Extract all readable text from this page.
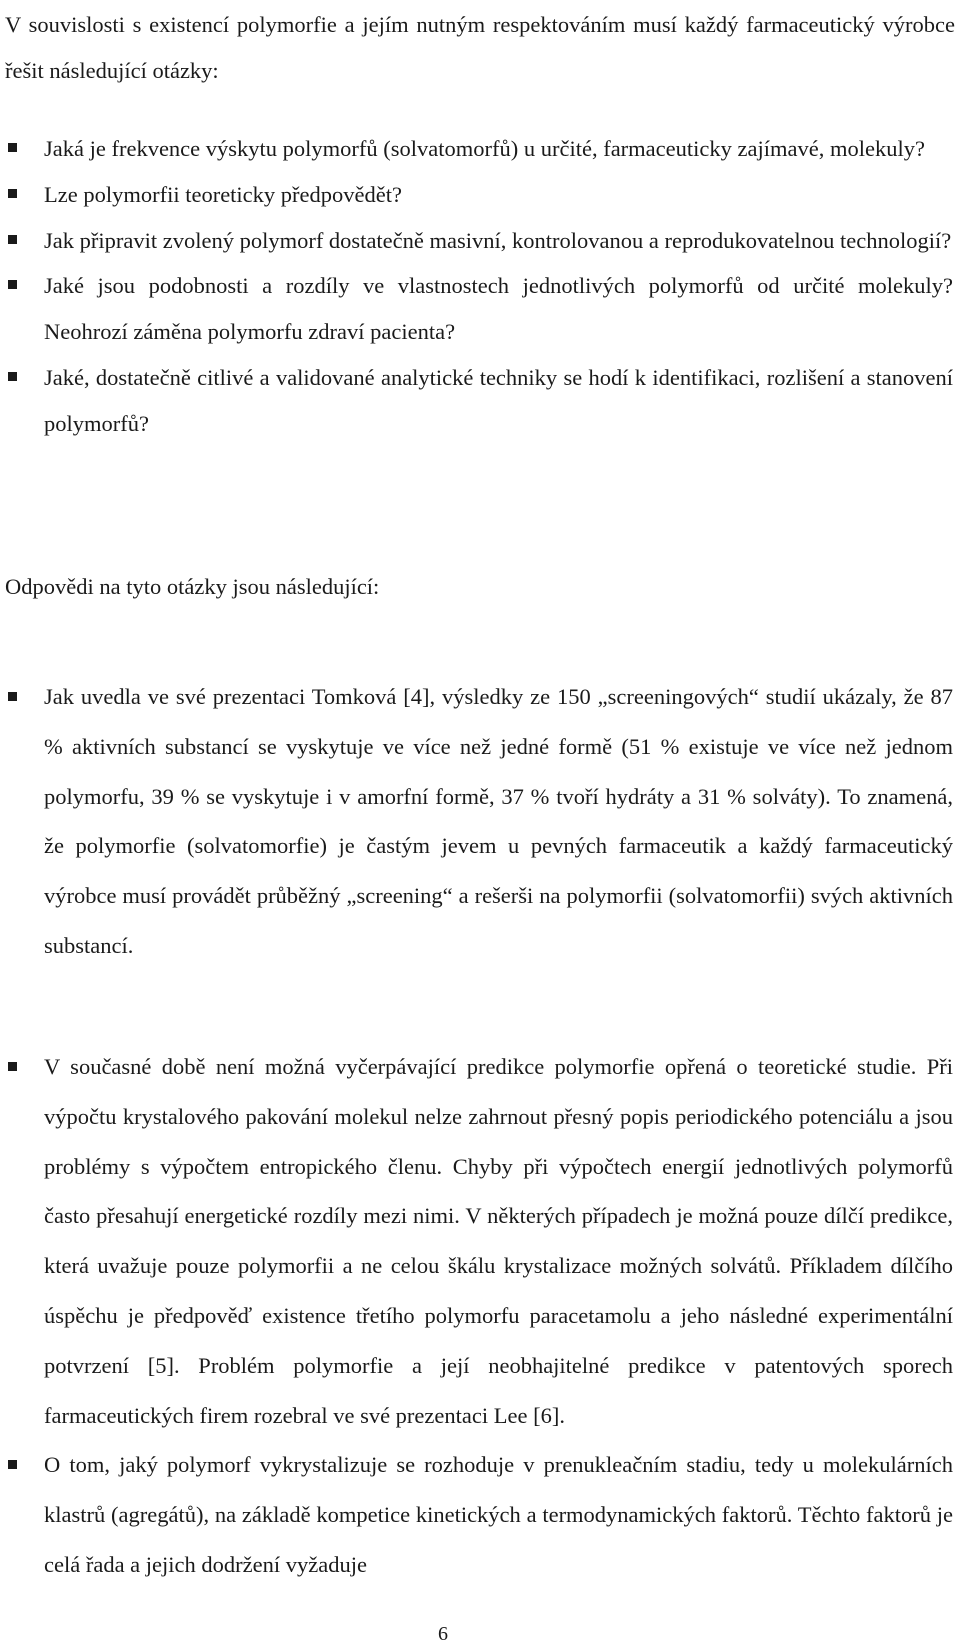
V souvislosti s existencí polymorfie a jejím nutným respektováním musí každý farmaceutický výrobce řešit následující otázky:

Jaká je frekvence výskytu polymorfů (solvatomorfů) u určité, farmaceuticky zajímavé, molekuly?
Lze polymorfii teoreticky předpovědět?
Jak připravit zvolený polymorf dostatečně masivní, kontrolovanou a reprodukovatelnou technologií?
Jaké jsou podobnosti a rozdíly ve vlastnostech jednotlivých polymorfů od určité molekuly? Neohrozí záměna polymorfu zdraví pacienta?
Jaké, dostatečně citlivé a validované analytické techniky se hodí k identifikaci, rozlišení a stanovení polymorfů?

Odpovědi na tyto otázky jsou následující:

Jak uvedla ve své prezentaci Tomková [4], výsledky ze 150 „screeningových“ studií ukázaly, že 87 % aktivních substancí se vyskytuje ve více než jedné formě (51 % existuje ve více než jednom polymorfu, 39 % se vyskytuje i v amorfní formě, 37 % tvoří hydráty a 31 % solváty). To znamená, že polymorfie (solvatomorfie) je častým jevem u pevných farmaceutik a každý farmaceutický výrobce musí provádět průběžný „screening“ a rešerši na polymorfii (solvatomorfii) svých aktivních substancí.
V současné době není možná vyčerpávající predikce polymorfie opřená o teoretické studie. Při výpočtu krystalového pakování molekul nelze zahrnout přesný popis periodického potenciálu a jsou problémy s výpočtem entropického členu. Chyby při výpočtech energií jednotlivých polymorfů často přesahují energetické rozdíly mezi nimi. V některých případech je možná pouze dílčí predikce, která uvažuje pouze polymorfii a ne celou škálu krystalizace možných solvátů. Příkladem dílčího úspěchu je předpověď existence třetího polymorfu paracetamolu a jeho následné experimentální potvrzení [5]. Problém polymorfie a její neobhajitelné predikce v patentových sporech farmaceutických firem rozebral ve své prezentaci Lee [6].
O tom, jaký polymorf vykrystalizuje se rozhoduje v prenukleačním stadiu, tedy u molekulárních klastrů (agregátů), na základě kompetice kinetických a termodynamických faktorů. Těchto faktorů je celá řada a jejich dodržení vyžaduje
6
